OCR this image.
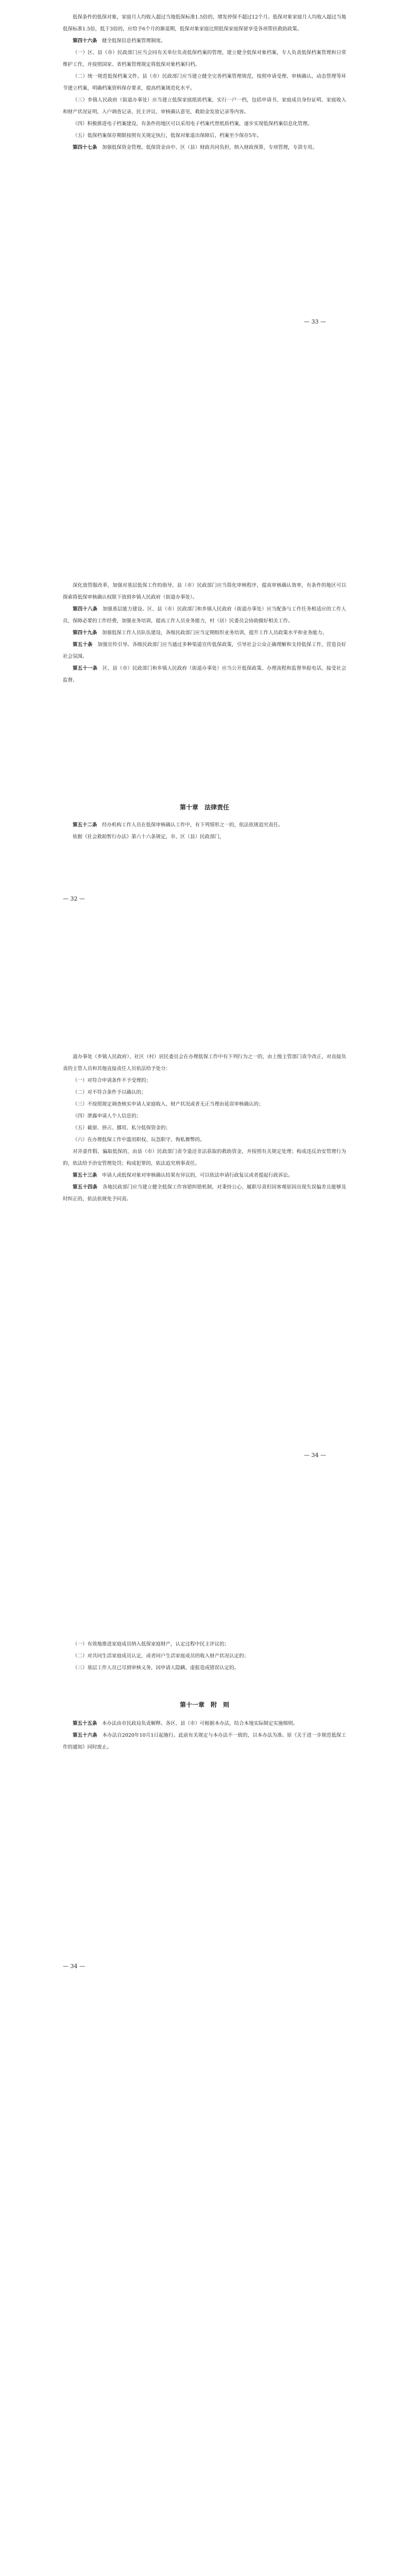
低保条件的低保对象，家庭月人均收入超过当地低保标准1.5倍的，增发停保不超过12个月。低保对象家庭月人均收入超过当地低保标准1.5倍，低于3倍的，应给予6个月的渐退期，低保对象家庭比照低保家庭保留享受各项帮扶救助政策。

第四十六条　健全低保信息档案管理制度。

（一）区、县（市）民政部门应当会同有关单位负责低保档案的管理，建立健全低保对象档案，专人负责低保档案管理和日常维护工作，并按照国家、省档案管理规定将低保对象档案归档。

（二）统一规范低保档案文件。县（市）民政部门应当建立健全完善档案管理规范，按照申请受理、审核确认、动态管理等环节建立档案，明确档案资料保存要求，提高档案规范化水平。

（三）乡镇人民政府（街道办事处）应当建立低保家庭纸质档案，实行一户一档，包括申请书、家庭成员身份证明、家庭收入和财产状况证明、入户调查记录、民主评议、审核确认意见、救助金发放记录等内容。

（四）积极推进电子档案建设，有条件的地区可以采用电子档案代替纸质档案，逐步实现低保档案信息化管理。

（五）低保档案保存期限按照有关规定执行，低保对象退出保障后，档案至少保存5年。

第四十七条　加强低保资金管理。低保资金由中、区（县）财政共同负担，纳入财政预算，专项管理，专款专用。

— 33 —

深化放管服改革，加强对基层低保工作的指导，县（市）民政部门应当简化审核程序，提高审核确认效率，有条件的地区可以探索将低保审核确认权限下放到乡镇人民政府（街道办事处）。

第四十八条　加强基层能力建设。区、县（市）民政部门和乡镇人民政府（街道办事处）应当配备与工作任务相适应的工作人员，保障必要的工作经费，加强业务培训，提高工作人员业务能力，村（居）民委员会协助做好相关工作。

第四十九条　加强低保工作人员队伍建设，各级民政部门应当定期组织业务培训，提升工作人员政策水平和业务能力。

第五十条　加强宣传引导。各级民政部门应当通过多种渠道宣传低保政策，引导社会公众正确理解和支持低保工作，营造良好社会氛围。

第五十一条　区、县（市）民政部门和乡镇人民政府（街道办事处）应当公开低保政策、办理流程和监督举报电话，接受社会监督。

第十章　法律责任

第五十二条　经办机构工作人员在低保审核确认工作中，有下列情形之一的，依法依规追究责任。

依据《社会救助暂行办法》第六十六条规定，市、区（县）民政部门，

— 32 —

道办事处（乡镇人民政府）、社区（村）居民委员会在办理低保工作中有下列行为之一的，由上级主管部门责令改正，对直接负责的主管人员和其他直接责任人员依法给予处分：

（一）对符合申请条件不予受理的；

（二）对不符合条件予以确认的；

（三）不按照规定调查核实申请人家庭收入、财产状况或者无正当理由延误审核确认的；

（四）泄露申请人个人信息的；

（五）截留、挤占、挪用、私分低保资金的；

（六）在办理低保工作中滥用职权、玩忽职守、徇私舞弊的。

对弄虚作假、骗取低保的，由县（市）民政部门责令退还非法获取的救助资金，并按照有关规定处理；构成违反治安管理行为的，依法给予治安管理处罚；构成犯罪的，依法追究刑事责任。

第五十三条　申请人或低保对象对审核确认结果有异议的，可以依法申请行政复议或者提起行政诉讼。

第五十四条　各地民政部门应当建立健全低保工作容错纠错机制，对秉持公心、履职尽责但因客观原因出现失误偏差且能够及时纠正的，依法依规免予问责。

— 34 —

（一）有效地推进家庭成员纳入低保家庭财产，认定过程中民主评议的；

（二）对共同生活家庭成员认定，或者同户生活家庭成员的收入财产状况认定的；

（三）基层工作人员已尽到审核义务，因申请人隐瞒、虚报造成错误认定的。

第十一章　附　则

第五十五条　本办法由市民政局负责解释。各区、县（市）可根据本办法，结合本地实际制定实施细则。

第五十六条　本办法自2020年10月1日起施行。此前有关规定与本办法不一致的，以本办法为准。原《关于进一步规范低保工作的通知》同时废止。

— 34 —
